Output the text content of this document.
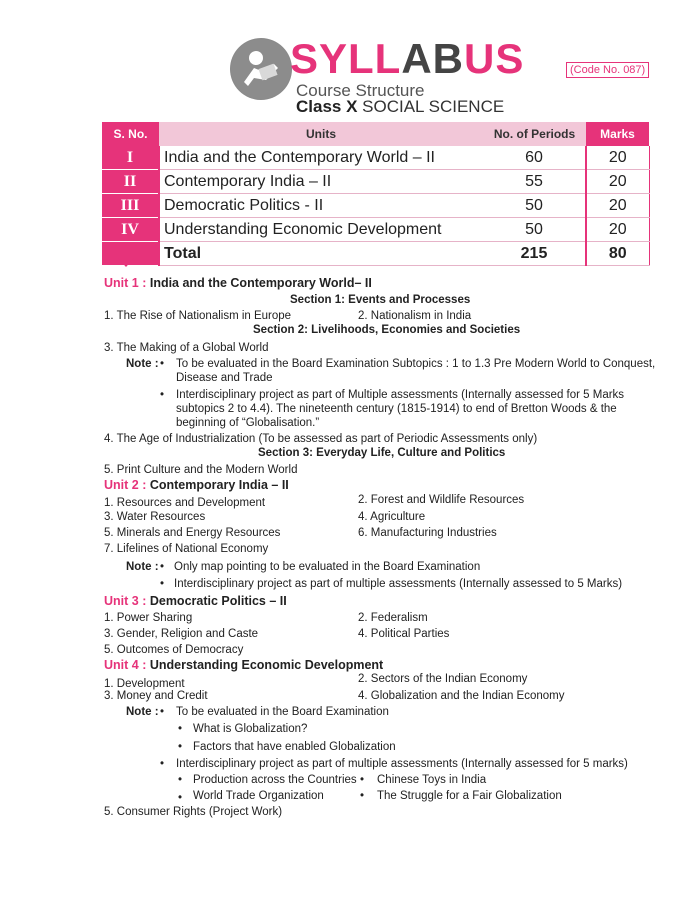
SYLLABUS
Course Structure
Class X SOCIAL SCIENCE
(Code No. 087)
S. No.	Units	No. of Periods	Marks
I	India and the Contemporary World – II	60	20
II	Contemporary India – II	55	20
III	Democratic Politics - II	50	20
IV	Understanding Economic Development	50	20
	Total	215	80
Unit 1 : India and the Contemporary World– II
Section 1: Events and Processes
1. The Rise of Nationalism in Europe	2. Nationalism in India
Section 2: Livelihoods, Economies and Societies
3. The Making of a Global World
Note : • To be evaluated in the Board Examination Subtopics : 1 to 1.3 Pre Modern World to Conquest,
Disease and Trade
• Interdisciplinary project as part of Multiple assessments (Internally assessed for 5 Marks
subtopics 2 to 4.4). The nineteenth century (1815-1914) to end of Bretton Woods & the
beginning of “Globalisation.”
4. The Age of Industrialization (To be assessed as part of Periodic Assessments only)
Section 3: Everyday Life, Culture and Politics
5. Print Culture and the Modern World
Unit 2 : Contemporary India – II
1. Resources and Development	2. Forest and Wildlife Resources
3. Water Resources	4. Agriculture
5. Minerals and Energy Resources	6. Manufacturing Industries
7. Lifelines of National Economy
Note : • Only map pointing to be evaluated in the Board Examination
• Interdisciplinary project as part of multiple assessments (Internally assessed to 5 Marks)
Unit 3 : Democratic Politics – II
1. Power Sharing	2. Federalism
3. Gender, Religion and Caste	4. Political Parties
5. Outcomes of Democracy
Unit 4 : Understanding Economic Development
1. Development	2. Sectors of the Indian Economy
3. Money and Credit	4. Globalization and the Indian Economy
Note : • To be evaluated in the Board Examination
• What is Globalization?
• Factors that have enabled Globalization
• Interdisciplinary project as part of multiple assessments (Internally assessed for 5 marks)
• Production across the Countries • Chinese Toys in India
• World Trade Organization	• The Struggle for a Fair Globalization
5. Consumer Rights (Project Work)
